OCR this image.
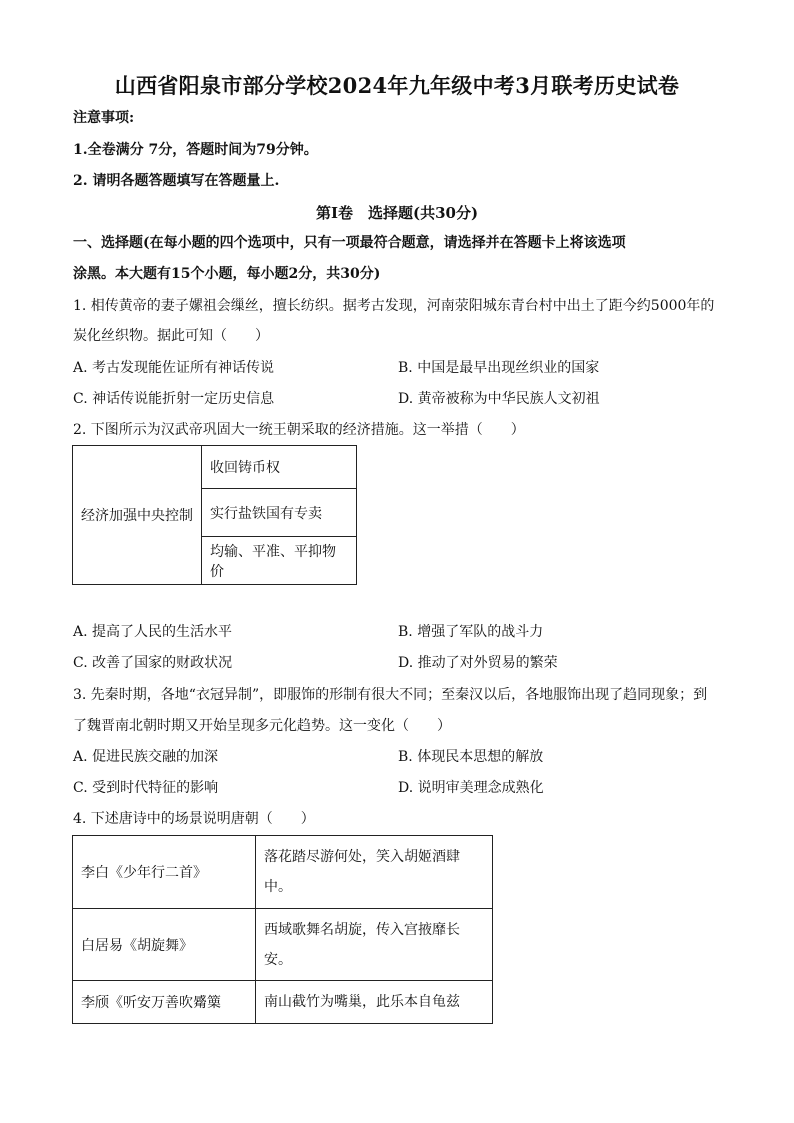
山西省阳泉市部分学校2024年九年级中考3月联考历史试卷
注意事项:
1.全卷满分 7分，答题时间为79分钟。
2. 请明各题答题填写在答题量上.
第Ⅰ卷　选择题(共30分)
一、选择题(在每小题的四个选项中，只有一项最符合题意，请选择并在答题卡上将该选项
涂黑。本大题有15个小题，每小题2分，共30分)
1. 相传黄帝的妻子嫘祖会缫丝，擅长纺织。据考古发现，河南荥阳城东青台村中出土了距今约5000年的
炭化丝织物。据此可知（　　）
A. 考古发现能佐证所有神话传说	B. 中国是最早出现丝织业的国家
C. 神话传说能折射一定历史信息	D. 黄帝被称为中华民族人文初祖
2. 下图所示为汉武帝巩固大一统王朝采取的经济措施。这一举措（　　）
经济加强中央控制	收回铸币权
实行盐铁国有专卖
均输、平准、平抑物价
A. 提高了人民的生活水平	B. 增强了军队的战斗力
C. 改善了国家的财政状况	D. 推动了对外贸易的繁荣
3. 先秦时期，各地“衣冠异制”，即服饰的形制有很大不同；至秦汉以后，各地服饰出现了趋同现象；到
了魏晋南北朝时期又开始呈现多元化趋势。这一变化（　　）
A. 促进民族交融的加深	B. 体现民本思想的解放
C. 受到时代特征的影响	D. 说明审美理念成熟化
4. 下述唐诗中的场景说明唐朝（　　）
李白《少年行二首》	落花踏尽游何处，笑入胡姬酒肆
中。

白居易《胡旋舞》	西域歌舞名胡旋，传入宫掖靡长
安。

李颀《听安万善吹觱篥	南山截竹为嘴巢，此乐本自龟兹
